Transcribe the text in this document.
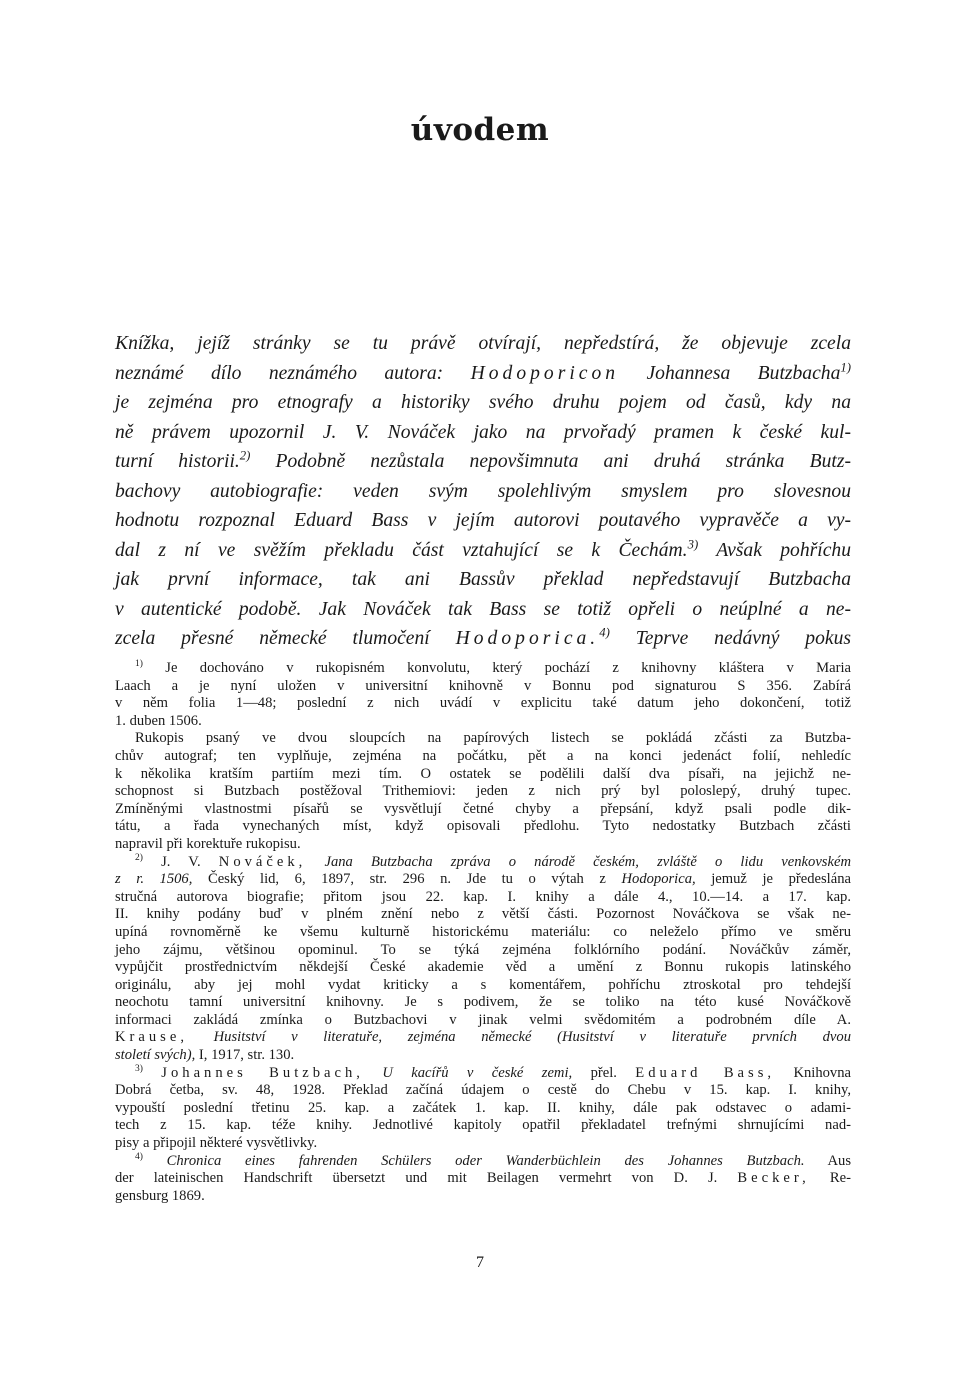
úvodem
Knížka, jejíž stránky se tu právě otvírají, nepředstírá, že objevuje zcela
neznámé dílo neznámého autora: Hodoporicon Johannesa Butzbacha$^{1)}$
je zejména pro etnografy a historiky svého druhu pojem od časů, kdy na
ně právem upozornil J. V. Nováček jako na prvořadý pramen k české kul-
turní historii.$^{2)}$ Podobně nezůstala nepovšimnuta ani druhá stránka Butz-
bachovy autobiografie: veden svým spolehlivým smyslem pro slovesnou
hodnotu rozpoznal Eduard Bass v jejím autorovi poutavého vypravěče a vy-
dal z ní ve svěžím překladu část vztahující se k Čechám.$^{3)}$ Avšak pohříchu
jak první informace, tak ani Bassův překlad nepředstavují Butzbacha
v autentické podobě. Jak Nováček tak Bass se totiž opřeli o neúplné a ne-
zcela přesné německé tlumočení Hodoporica.$^{4)}$ Teprve nedávný pokus
$^{1)}$ Je dochováno v rukopisném konvolutu, který pochází z knihovny kláštera v Maria
Laach a je nyní uložen v universitní knihovně v Bonnu pod signaturou S 356. Zabírá
v něm folia 1—48; poslední z nich uvádí v explicitu také datum jeho dokončení, totiž
1. duben 1506.
Rukopis psaný ve dvou sloupcích na papírových listech se pokládá zčásti za Butzba-
chův autograf; ten vyplňuje, zejména na počátku, pět a na konci jedenáct folií, nehledíc
k několika kratším partiím mezi tím. O ostatek se podělili další dva písaři, na jejichž ne-
schopnost si Butzbach postěžoval Trithemiovi: jeden z nich prý byl poloslepý, druhý tupec.
Zmíněnými vlastnostmi písařů se vysvětlují četné chyby a přepsání, když psali podle dik-
tátu, a řada vynechaných míst, když opisovali předlohu. Tyto nedostatky Butzbach zčásti
napravil při korektuře rukopisu.
$^{2)}$ J. V. Nováček, Jana Butzbacha zpráva o národě českém, zvláště o lidu venkovském
z r. 1506, Český lid, 6, 1897, str. 296 n. Jde tu o výtah z Hodoporica, jemuž je předeslána
stručná autorova biografie; přitom jsou 22. kap. I. knihy a dále 4., 10.—14. a 17. kap.
II. knihy podány buď v plném znění nebo z větší části. Pozornost Nováčkova se však ne-
upíná rovnoměrně ke všemu kulturně historickému materiálu: co neleželo přímo ve směru
jeho zájmu, většinou opominul. To se týká zejména folklórního podání. Nováčkův záměr,
vypůjčit prostřednictvím někdejší České akademie věd a umění z Bonnu rukopis latinského
originálu, aby jej mohl vydat kriticky a s komentářem, pohříchu ztroskotal pro tehdejší
neochotu tamní universitní knihovny. Je s podivem, že se toliko na této kusé Nováčkově
informaci zakládá zmínka o Butzbachovi v jinak velmi svědomitém a podrobném díle A.
Krause, Husitství v literatuře, zejména německé (Husitství v literatuře prvních dvou
století svých), I, 1917, str. 130.
$^{3)}$ Johannes Butzbach, U kacířů v české zemi, přel. Eduard Bass, Knihovna
Dobrá četba, sv. 48, 1928. Překlad začíná údajem o cestě do Chebu v 15. kap. I. knihy,
vypouští poslední třetinu 25. kap. a začátek 1. kap. II. knihy, dále pak odstavec o adami-
tech z 15. kap. téže knihy. Jednotlivé kapitoly opatřil překladatel trefnými shrnujícími nad-
pisy a připojil některé vysvětlivky.
$^{4)}$ Chronica eines fahrenden Schülers oder Wanderbüchlein des Johannes Butzbach. Aus
der lateinischen Handschrift übersetzt und mit Beilagen vermehrt von D. J. Becker, Re-
gensburg 1869.
7
